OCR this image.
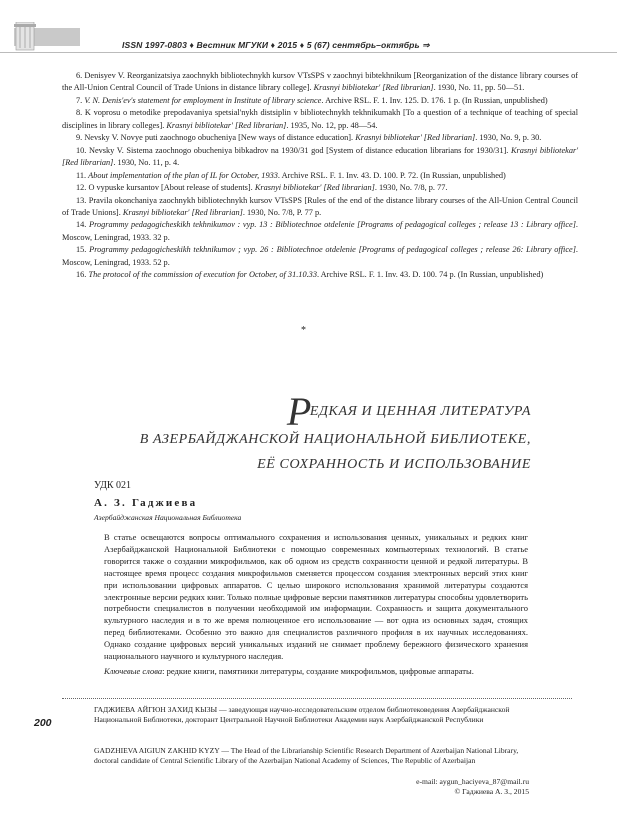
ISSN 1997-0803 ♦ Вестник МГУКИ ♦ 2015 ♦ 5 (67) сентябрь–октябрь ⇒

6. Denisyev V. Reorganizatsiya zaochnykh bibliotechnykh kursov VTsSPS v zaochnyi bibtekhnikum [Reorganization of the distance library courses of the All-Union Central Council of Trade Unions in distance library college]. Krasnyi bibliotekar' [Red librarian]. 1930, No. 11, pp. 50—51.

7. V. N. Denis'ev's statement for employment in Institute of library science. Archive RSL. F. 1. Inv. 125. D. 176. 1 p. (In Russian, unpublished)

8. K voprosu o metodike prepodavaniya spetsial'nykh distsiplin v bibliotechnykh tekhnikumakh [To a question of a technique of teaching of special disciplines in library colleges]. Krasnyi bibliotekar' [Red librarian]. 1935, No. 12, pp. 48—54.

9. Nevsky V. Novye puti zaochnogo obucheniya [New ways of distance education]. Krasnyi bibliotekar' [Red librarian]. 1930, No. 9, p. 30.

10. Nevsky V. Sistema zaochnogo obucheniya bibkadrov na 1930/31 god [System of distance education librarians for 1930/31]. Krasnyi bibliotekar' [Red librarian]. 1930, No. 11, p. 4.

11. About implementation of the plan of IL for October, 1933. Archive RSL. F. 1. Inv. 43. D. 100. P. 72. (In Russian, unpublished)

12. O vypuske kursantov [About release of students]. Krasnyi bibliotekar' [Red librarian]. 1930, No. 7/8, p. 77.

13. Pravila okonchaniya zaochnykh bibliotechnykh kursov VTsSPS [Rules of the end of the distance library courses of the All-Union Central Council of Trade Unions]. Krasnyi bibliotekar' [Red librarian]. 1930, No. 7/8, P. 77 p.

14. Programmy pedagogicheskikh tekhnikumov : vyp. 13 : Bibliotechnoe otdelenie [Programs of pedagogical colleges ; release 13 : Library office]. Moscow, Leningrad, 1933. 32 p.

15. Programmy pedagogicheskikh tekhnikumov ; vyp. 26 : Bibliotechnoe otdelenie [Programs of pedagogical colleges ; release 26: Library office]. Moscow, Leningrad, 1933. 52 p.

16. The protocol of the commission of execution for October, of 31.10.33. Archive RSL. F. 1. Inv. 43. D. 100. 74 p. (In Russian, unpublished)

*
РЕДКАЯ И ЦЕННАЯ ЛИТЕРАТУРА
В АЗЕРБАЙДЖАНСКОЙ НАЦИОНАЛЬНОЙ БИБЛИОТЕКЕ,
ЕЁ СОХРАННОСТЬ И ИСПОЛЬЗОВАНИЕ
УДК 021
А. З. Гаджиева
Азербайджанская Национальная Библиотека
В статье освещаются вопросы оптимального сохранения и использования ценных, уникальных и редких книг Азербайджанской Национальной Библиотеки с помощью современных компьютерных технологий. В статье говорится также о создании микрофильмов, как об одном из средств сохранности ценной и редкой литературы. В настоящее время процесс создания микрофильмов сменяется процессом создания электронных версий этих книг при использовании цифровых аппаратов. С целью широкого использования хранимой литературы создаются электронные версии редких книг. Только полные цифровые версии памятников литературы способны удовлетворить потребности специалистов в получении необходимой им информации. Сохранность и защита документального культурного наследия и в то же время полноценное его использование — вот одна из основных задач, стоящих перед библиотеками. Особенно это важно для специалистов различного профиля в их научных исследованиях. Однако создание цифровых версий уникальных изданий не снимает проблему бережного физического хранения национального научного и культурного наследия.
Ключевые слова: редкие книги, памятники литературы, создание микрофильмов, цифровые аппараты.
200
ГАДЖИЕВА АЙГЮН ЗАХИД КЫЗЫ — заведующая научно-исследовательским отделом библиотековедения Азербайджанской Национальной Библиотеки, докторант Центральной Научной Библиотеки Академии наук Азербайджанской Республики
GADZHIEVA AIGIUN ZAKHID KYZY — The Head of the Librarianship Scientific Research Department of Azerbaijan National Library, doctoral candidate of Central Scientific Library of the Azerbaijan National Academy of Sciences, The Republic of Azerbaijan
e-mail: aygun_haciyeva_87@mail.ru
© Гаджиева А. З., 2015
